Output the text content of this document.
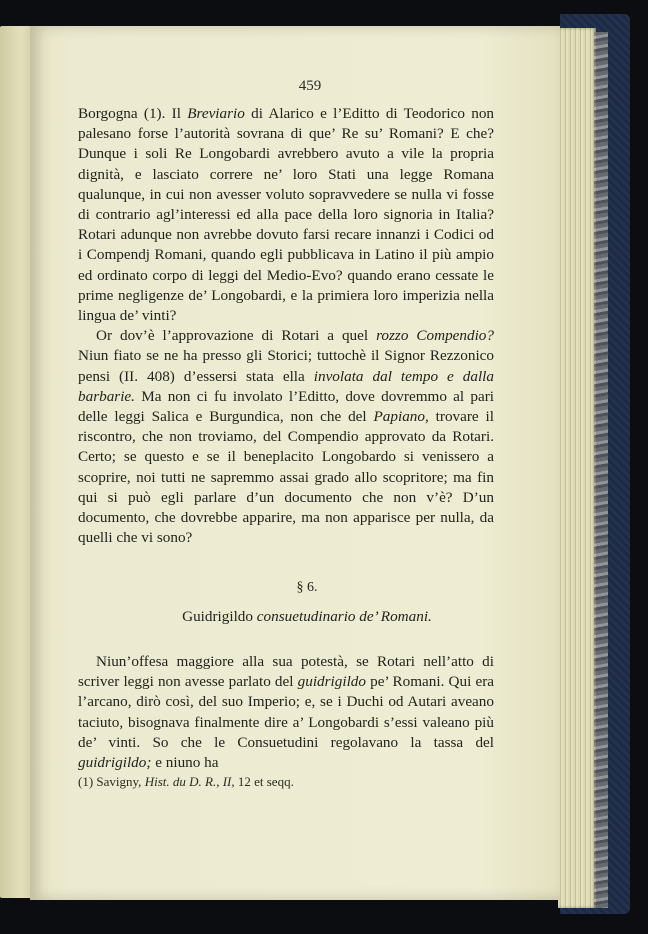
459

Borgogna (1). Il Breviario di Alarico e l’Editto di Teodorico non palesano forse l’autorità sovrana di que’ Re su’ Romani? E che? Dunque i soli Re Longobardi avrebbero avuto a vile la propria dignità, e lasciato correre ne’ loro Stati una legge Romana qualunque, in cui non avesser voluto sopravvedere se nulla vi fosse di contrario agl’interessi ed alla pace della loro signoria in Italia? Rotari adunque non avrebbe dovuto farsi recare innanzi i Codici od i Compendj Romani, quando egli pubblicava in Latino il più ampio ed ordinato corpo di leggi del Medio-Evo? quando erano cessate le prime negligenze de’ Longobardi, e la primiera loro imperizia nella lingua de’ vinti?

Or dov’è l’approvazione di Rotari a quel rozzo Compendio? Niun fiato se ne ha presso gli Storici; tuttochè il Signor Rezzonico pensi (II. 408) d’essersi stata ella involata dal tempo e dalla barbarie. Ma non ci fu involato l’Editto, dove dovremmo al pari delle leggi Salica e Burgundica, non che del Papiano, trovare il riscontro, che non troviamo, del Compendio approvato da Rotari. Certo; se questo e se il beneplacito Longobardo si venissero a scoprire, noi tutti ne sapremmo assai grado allo scopritore; ma fin qui si può egli parlare d’un documento che non v’è? D’un documento, che dovrebbe apparire, ma non apparisce per nulla, da quelli che vi sono?

§ 6.
Guidrigildo consuetudinario de’ Romani.

Niun’offesa maggiore alla sua potestà, se Rotari nell’atto di scriver leggi non avesse parlato del guidrigildo pe’ Romani. Qui era l’arcano, dirò così, del suo Imperio; e, se i Duchi od Autari aveano taciuto, bisognava finalmente dire a’ Longobardi s’essi valeano più de’ vinti. So che le Consuetudini regolavano la tassa del guidrigildo; e niuno ha

(1) Savigny, Hist. du D. R., II, 12 et seqq.
